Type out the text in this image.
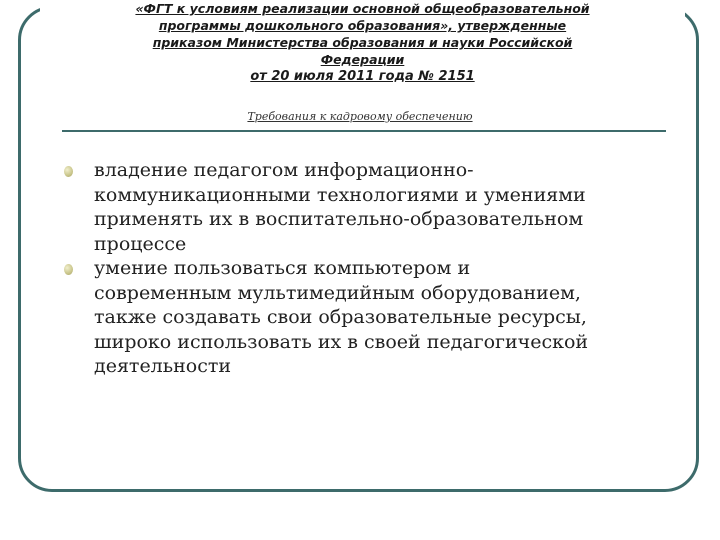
«ФГТ к условиям реализации основной общеобразовательной
программы дошкольного образования», утвержденные
приказом Министерства образования и науки Российской
Федерации
от 20 июля 2011 года № 2151
Требования к кадровому обеспечению
владение педагогом информационно-
коммуникационными технологиями и умениями
применять их в воспитательно-образовательном
процессе
умение пользоваться компьютером и
современным мультимедийным оборудованием,
также создавать свои образовательные ресурсы,
широко использовать их в своей педагогической
деятельности
